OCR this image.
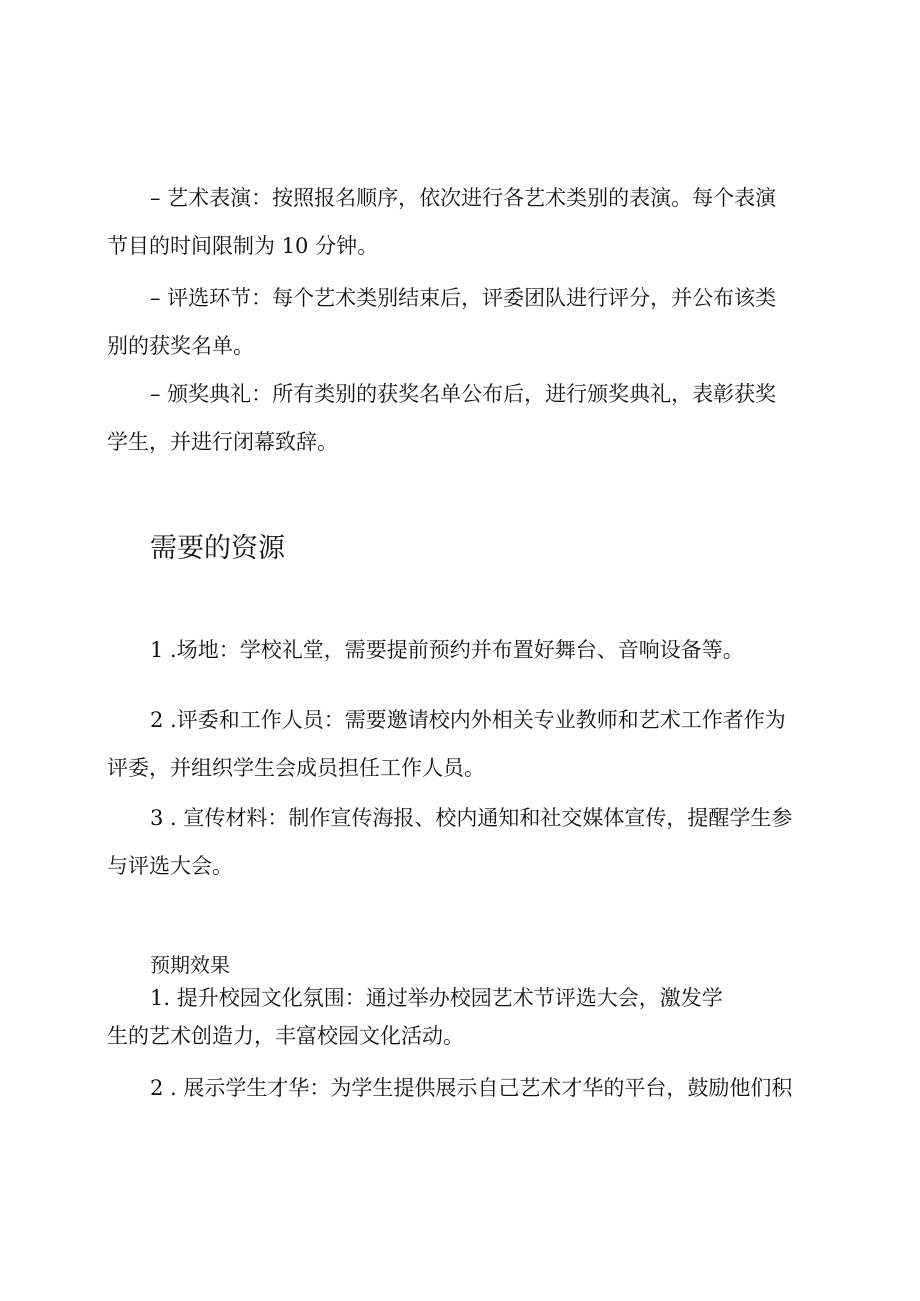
– 艺术表演：按照报名顺序，依次进行各艺术类别的表演。每个表演
节目的时间限制为 10 分钟。
– 评选环节：每个艺术类别结束后，评委团队进行评分，并公布该类
别的获奖名单。
– 颁奖典礼：所有类别的获奖名单公布后，进行颁奖典礼，表彰获奖
学生，并进行闭幕致辞。
需要的资源
1 .场地：学校礼堂，需要提前预约并布置好舞台、音响设备等。
2 .评委和工作人员：需要邀请校内外相关专业教师和艺术工作者作为
评委，并组织学生会成员担任工作人员。
3 . 宣传材料：制作宣传海报、校内通知和社交媒体宣传，提醒学生参
与评选大会。
预期效果
1. 提升校园文化氛围：通过举办校园艺术节评选大会，激发学
生的艺术创造力，丰富校园文化活动。
2 . 展示学生才华：为学生提供展示自己艺术才华的平台，鼓励他们积
